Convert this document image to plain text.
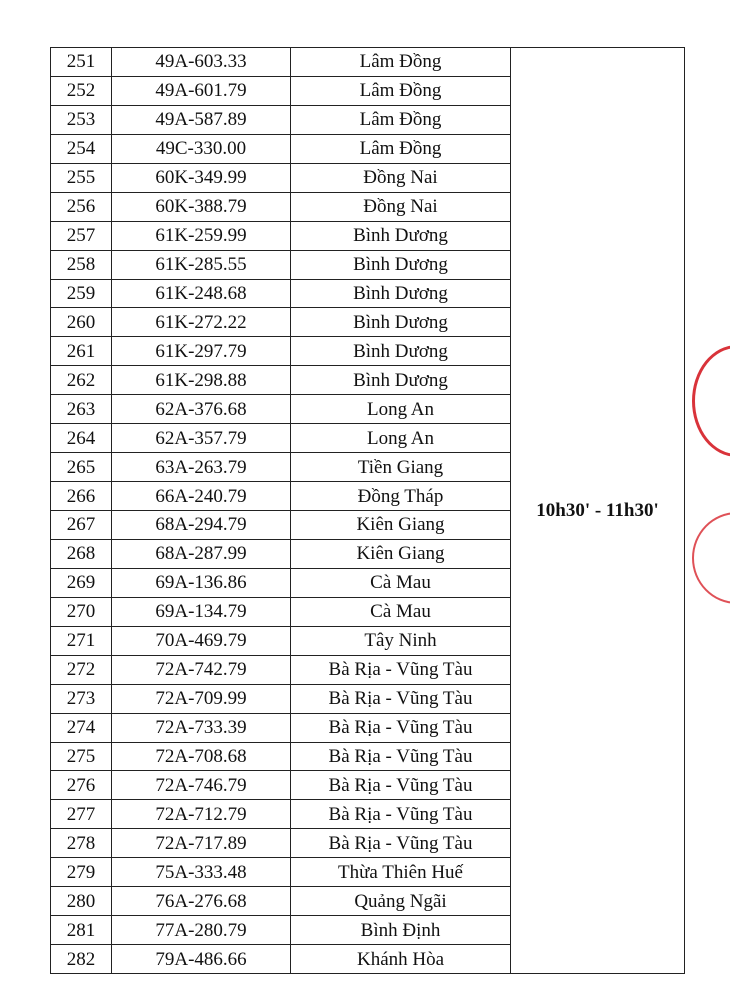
251	49A-603.33	Lâm Đồng	10h30' - 11h30'
252	49A-601.79	Lâm Đồng	
253	49A-587.89	Lâm Đồng	
254	49C-330.00	Lâm Đồng	
255	60K-349.99	Đồng Nai	
256	60K-388.79	Đồng Nai	
257	61K-259.99	Bình Dương	
258	61K-285.55	Bình Dương	
259	61K-248.68	Bình Dương	
260	61K-272.22	Bình Dương	
261	61K-297.79	Bình Dương	
262	61K-298.88	Bình Dương	
263	62A-376.68	Long An	
264	62A-357.79	Long An	
265	63A-263.79	Tiền Giang	
266	66A-240.79	Đồng Tháp	
267	68A-294.79	Kiên Giang	
268	68A-287.99	Kiên Giang	
269	69A-136.86	Cà Mau	
270	69A-134.79	Cà Mau	
271	70A-469.79	Tây Ninh	
272	72A-742.79	Bà Rịa - Vũng Tàu	
273	72A-709.99	Bà Rịa - Vũng Tàu	
274	72A-733.39	Bà Rịa - Vũng Tàu	
275	72A-708.68	Bà Rịa - Vũng Tàu	
276	72A-746.79	Bà Rịa - Vũng Tàu	
277	72A-712.79	Bà Rịa - Vũng Tàu	
278	72A-717.89	Bà Rịa - Vũng Tàu	
279	75A-333.48	Thừa Thiên Huế	
280	76A-276.68	Quảng Ngãi	
281	77A-280.79	Bình Định	
282	79A-486.66	Khánh Hòa	
